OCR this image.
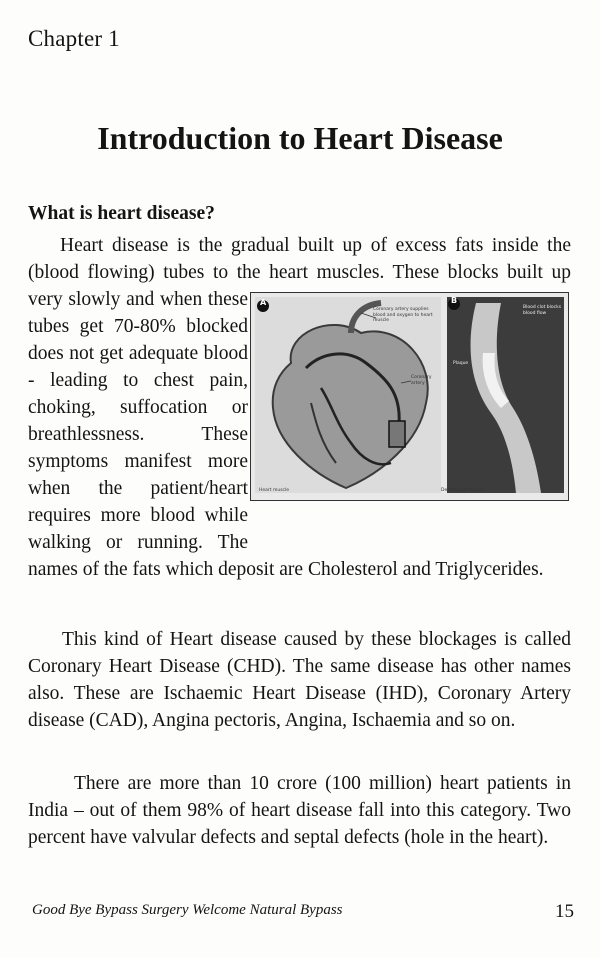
Chapter 1
Introduction to Heart Disease
What is heart disease?
A	B
Coronary artery supplies blood and oxygen to heart muscle
Coronary artery
Heart muscle	Dead heart muscle
Blood clot blocks blood flow
Plaque
Heart disease is the gradual built up of excess fats inside the (blood flowing) tubes to the heart muscles. These blocks built up very slowly and when these tubes get 70-80% blocked does not get adequate blood - leading to chest pain, choking, suffocation or breathlessness. These symptoms manifest more when the patient/heart requires more blood while walking or running. The names of the fats which deposit are Cholesterol and Triglycerides.

This kind of Heart disease caused by these blockages is called Coronary Heart Disease (CHD). The same disease has other names also. These are Ischaemic Heart Disease (IHD), Coronary Artery disease (CAD), Angina pectoris, Angina, Ischaemia and so on.

There are more than 10 crore (100 million) heart patients in India – out of them 98% of heart disease fall into this category. Two percent have valvular defects and septal defects (hole in the heart).

Good Bye Bypass Surgery Welcome Natural Bypass	15
